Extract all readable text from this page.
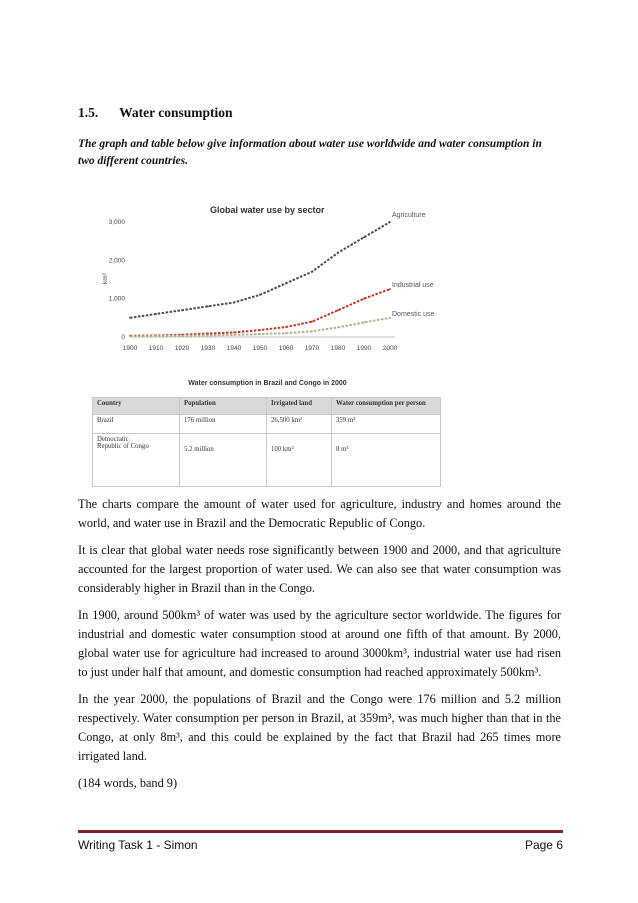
1.5. Water consumption
The graph and table below give information about water use worldwide and water consumption in two different countries.
Global water use by sector
km³
0
1,000
2,000
3,000
1900 1910 1920 1930 1940 1950 1960 1970 1980 1990 2000
Agriculture
Industrial use
Domestic use
Water consumption in Brazil and Congo in 2000
Country	Population	Irrigated land	Water consumption per person
Brazil	176 million	26,500 km²	359 m³
Democratic Republic of Congo	5.2 million	100 km²	8 m³

The charts compare the amount of water used for agriculture, industry and homes around the world, and water use in Brazil and the Democratic Republic of Congo.

It is clear that global water needs rose significantly between 1900 and 2000, and that agriculture accounted for the largest proportion of water used. We can also see that water consumption was considerably higher in Brazil than in the Congo.

In 1900, around 500km³ of water was used by the agriculture sector worldwide. The figures for industrial and domestic water consumption stood at around one fifth of that amount. By 2000, global water use for agriculture had increased to around 3000km³, industrial water use had risen to just under half that amount, and domestic consumption had reached approximately 500km³.

In the year 2000, the populations of Brazil and the Congo were 176 million and 5.2 million respectively. Water consumption per person in Brazil, at 359m³, was much higher than that in the Congo, at only 8m³, and this could be explained by the fact that Brazil had 265 times more irrigated land.

(184 words, band 9)

Writing Task 1 - Simon	Page 6
